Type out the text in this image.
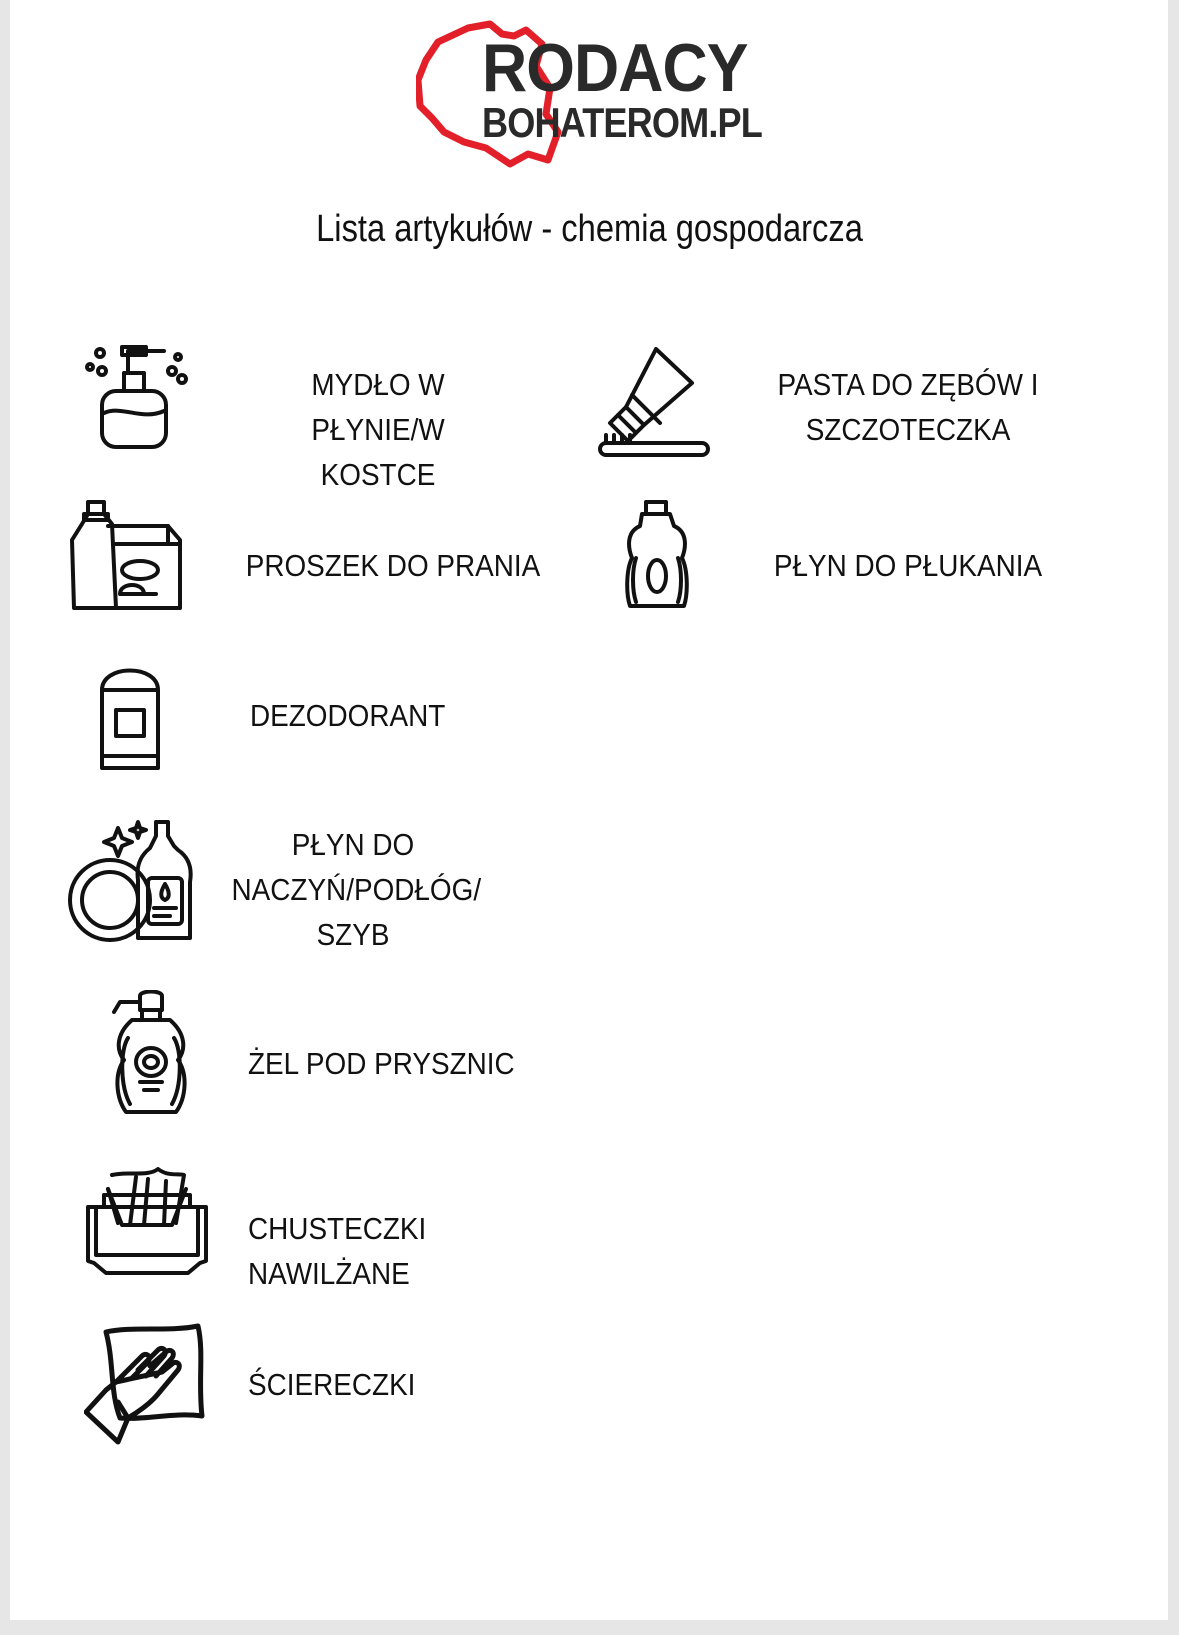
RODACY
BOHATEROM.PL
Lista artykułów - chemia gospodarcza
MYDŁO W PŁYNIE/W
KOSTCE
PASTA DO ZĘBÓW I
SZCZOTECZKA
PROSZEK DO PRANIA	PŁYN DO PŁUKANIA
DEZODORANT
PŁYN DO
NACZYŃ/PODŁÓG/
SZYB
ŻEL POD PRYSZNIC
CHUSTECZKI NAWILŻANE
ŚCIERECZKI
